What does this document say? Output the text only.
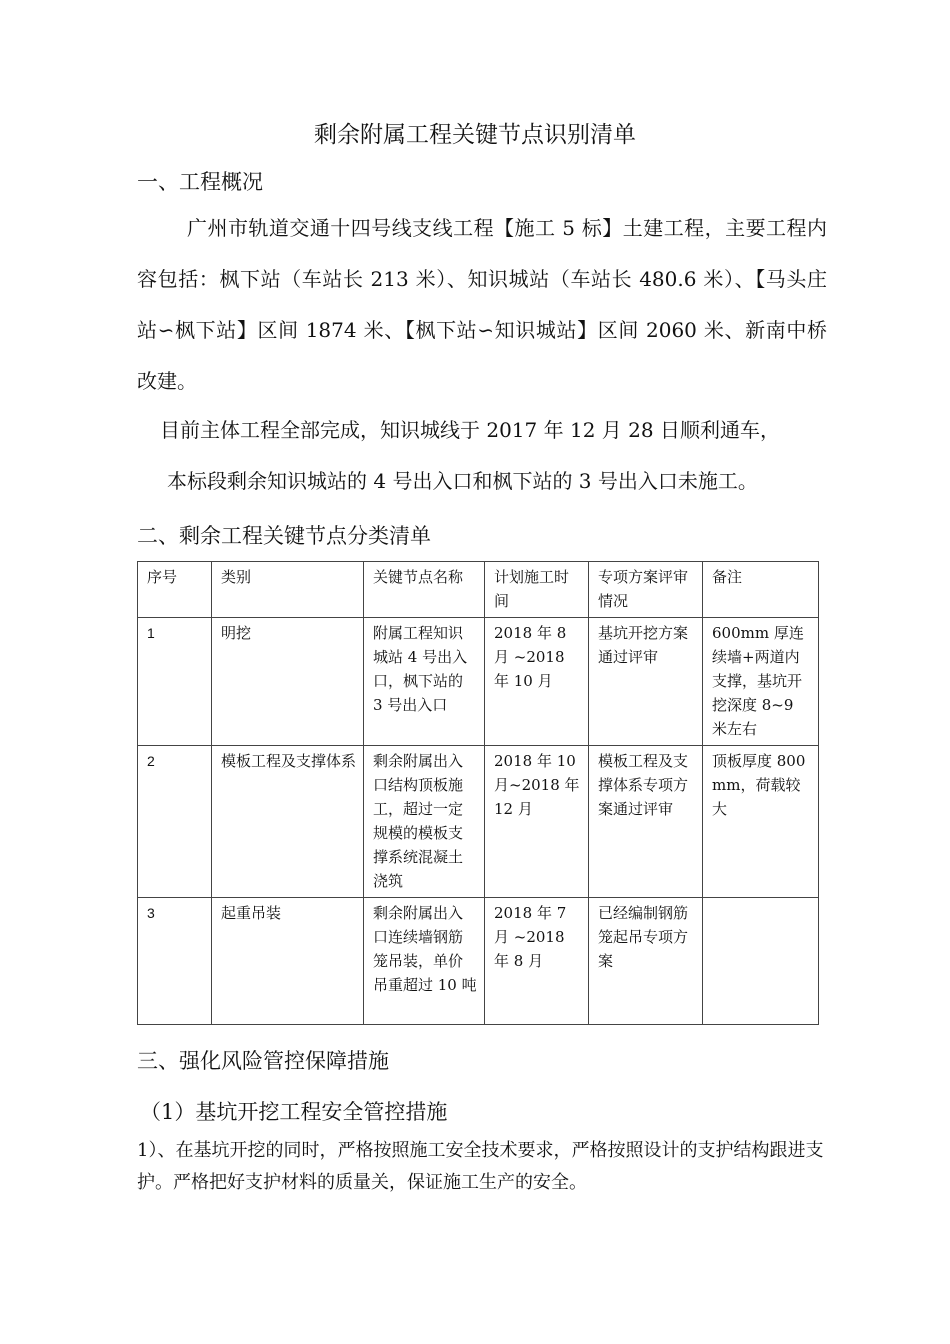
剩余附属工程关键节点识别清单
一、工程概况
广州市轨道交通十四号线支线工程【施工 5 标】土建工程，主要工程内容包括：枫下站（车站长 213 米）、知识城站（车站长 480.6 米）、【马头庄站∽枫下站】区间 1874 米、【枫下站∽知识城站】区间 2060 米、新南中桥改建。
目前主体工程全部完成，知识城线于 2017 年 12 月 28 日顺利通车，
本标段剩余知识城站的 4 号出入口和枫下站的 3 号出入口未施工。
二、剩余工程关键节点分类清单
序号	类别	关键节点名称	计划施工时间	专项方案评审情况	备注
1	明挖	附属工程知识城站 4 号出入口，枫下站的 3 号出入口	2018 年 8 月 ~2018 年 10 月	基坑开挖方案通过评审	600mm 厚连续墙+两道内支撑，基坑开挖深度 8~9 米左右
2	模板工程及支撑体系	剩余附属出入口结构顶板施工，超过一定规模的模板支撑系统混凝土浇筑	2018 年 10 月~2018 年 12 月	模板工程及支撑体系专项方案通过评审	顶板厚度 800mm，荷载较大
3	起重吊装	剩余附属出入口连续墙钢筋笼吊装，单价吊重超过 10 吨	2018 年 7 月 ~2018 年 8 月	已经编制钢筋笼起吊专项方案	
三、强化风险管控保障措施
（1）基坑开挖工程安全管控措施
1）、在基坑开挖的同时，严格按照施工安全技术要求，严格按照设计的支护结构跟进支护。严格把好支护材料的质量关，保证施工生产的安全。
